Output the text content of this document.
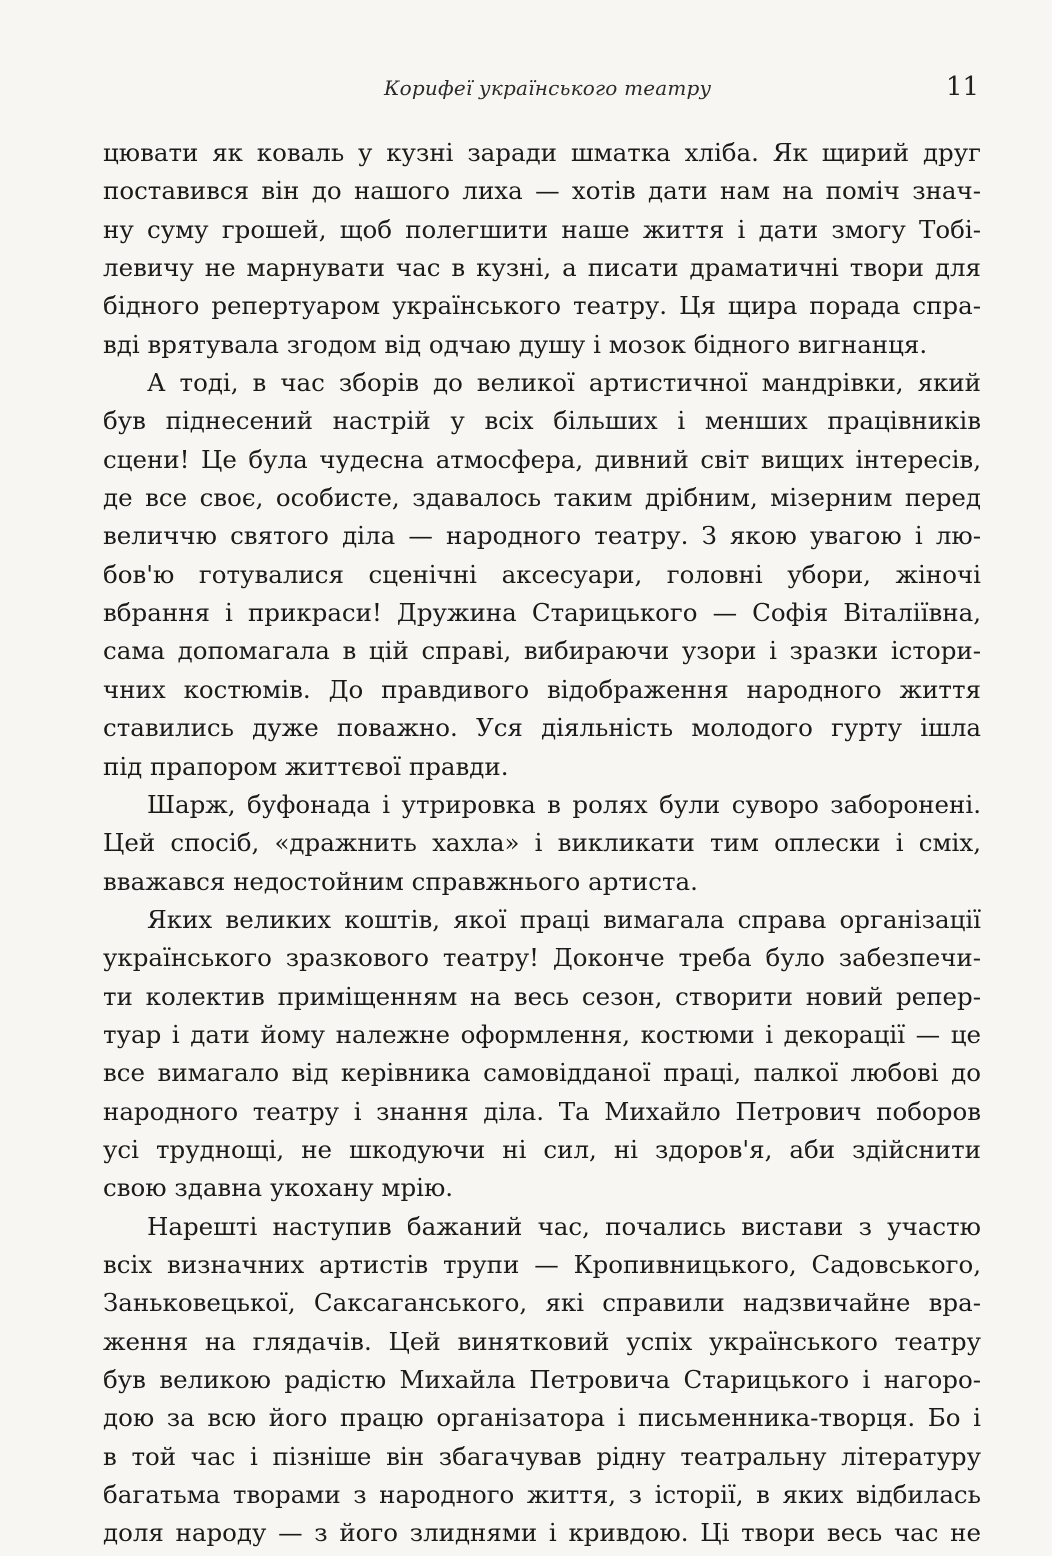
Корифеї українського театру	11
цювати як коваль у кузні заради шматка хліба. Як щирий друг
поставився він до нашого лиха — хотів дати нам на поміч знач-
ну суму грошей, щоб полегшити наше життя і дати змогу Тобі-
левичу не марнувати час в кузні, а писати драматичні твори для
бідного репертуаром українського театру. Ця щира порада спра-
вді врятувала згодом від одчаю душу і мозок бідного вигнанця.
А тоді, в час зборів до великої артистичної мандрівки, який
був піднесений настрій у всіх більших і менших працівників
сцени! Це була чудесна атмосфера, дивний світ вищих інтересів,
де все своє, особисте, здавалось таким дрібним, мізерним перед
величчю святого діла — народного театру. З якою увагою і лю-
бов'ю готувалися сценічні аксесуари, головні убори, жіночі
вбрання і прикраси! Дружина Старицького — Софія Віталіївна,
сама допомагала в цій справі, вибираючи узори і зразки істори-
чних костюмів. До правдивого відображення народного життя
ставились дуже поважно. Уся діяльність молодого гурту ішла
під прапором життєвої правди.
Шарж, буфонада і утрировка в ролях були суворо заборонені.
Цей спосіб, «дражнить хахла» і викликати тим оплески і сміх,
вважався недостойним справжнього артиста.
Яких великих коштів, якої праці вимагала справа організації
українського зразкового театру! Доконче треба було забезпечи-
ти колектив приміщенням на весь сезон, створити новий репер-
туар і дати йому належне оформлення, костюми і декорації — це
все вимагало від керівника самовідданої праці, палкої любові до
народного театру і знання діла. Та Михайло Петрович поборов
усі труднощі, не шкодуючи ні сил, ні здоров'я, аби здійснити
свою здавна укохану мрію.
Нарешті наступив бажаний час, почались вистави з участю
всіх визначних артистів трупи — Кропивницького, Садовського,
Заньковецької, Саксаганського, які справили надзвичайне вра-
ження на глядачів. Цей винятковий успіх українського театру
був великою радістю Михайла Петровича Старицького і нагоро-
дою за всю його працю організатора і письменника-творця. Бо і
в той час і пізніше він збагачував рідну театральну літературу
багатьма творами з народного життя, з історії, в яких відбилась
доля народу — з його злиднями і кривдою. Ці твори весь час не
